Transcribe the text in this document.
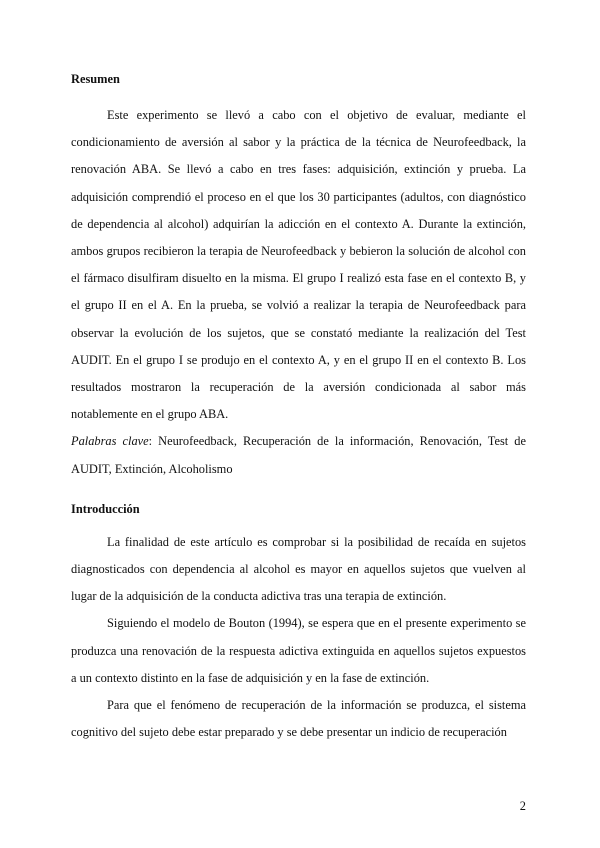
Resumen

Este experimento se llevó a cabo con el objetivo de evaluar, mediante el condicionamiento de aversión al sabor y la práctica de la técnica de Neurofeedback, la renovación ABA. Se llevó a cabo en tres fases: adquisición, extinción y prueba. La adquisición comprendió el proceso en el que los 30 participantes (adultos, con diagnóstico de dependencia al alcohol) adquirían la adicción en el contexto A. Durante la extinción, ambos grupos recibieron la terapia de Neurofeedback y bebieron la solución de alcohol con el fármaco disulfiram disuelto en la misma. El grupo I realizó esta fase en el contexto B, y el grupo II en el A. En la prueba, se volvió a realizar la terapia de Neurofeedback para observar la evolución de los sujetos, que se constató mediante la realización del Test AUDIT. En el grupo I se produjo en el contexto A, y en el grupo II en el contexto B. Los resultados mostraron la recuperación de la aversión condicionada al sabor más notablemente en el grupo ABA.

Palabras clave: Neurofeedback, Recuperación de la información, Renovación, Test de AUDIT, Extinción, Alcoholismo

Introducción

La finalidad de este artículo es comprobar si la posibilidad de recaída en sujetos diagnosticados con dependencia al alcohol es mayor en aquellos sujetos que vuelven al lugar de la adquisición de la conducta adictiva tras una terapia de extinción.

Siguiendo el modelo de Bouton (1994), se espera que en el presente experimento se produzca una renovación de la respuesta adictiva extinguida en aquellos sujetos expuestos a un contexto distinto en la fase de adquisición y en la fase de extinción.

Para que el fenómeno de recuperación de la información se produzca, el sistema cognitivo del sujeto debe estar preparado y se debe presentar un indicio de recuperación

2
